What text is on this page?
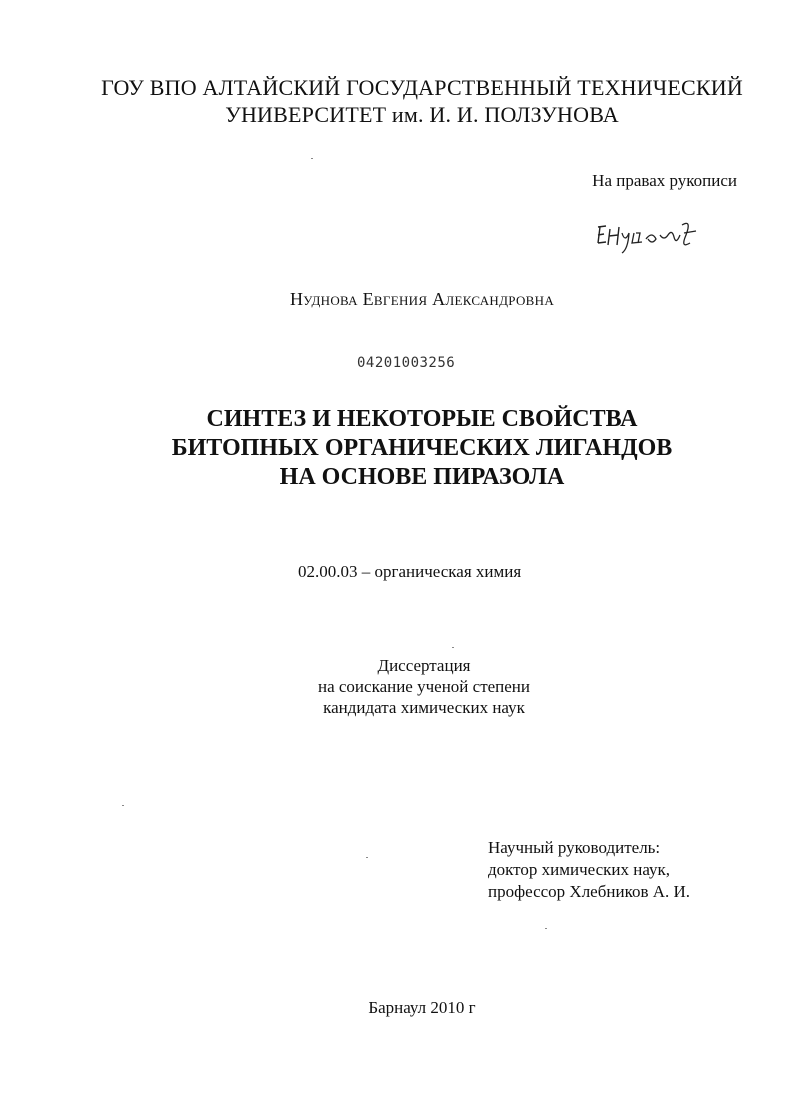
ГОУ ВПО АЛТАЙСКИЙ ГОСУДАРСТВЕННЫЙ ТЕХНИЧЕСКИЙ
УНИВЕРСИТЕТ им. И. И. ПОЛЗУНОВА
На правах рукописи
Нуднова Евгения Александровна
04201003256
СИНТЕЗ И НЕКОТОРЫЕ СВОЙСТВА
БИТОПНЫХ ОРГАНИЧЕСКИХ ЛИГАНДОВ
НА ОСНОВЕ ПИРАЗОЛА
02.00.03 – органическая химия
Диссертация
на соискание ученой степени
кандидата химических наук
Научный руководитель:
доктор химических наук,
профессор Хлебников А. И.
Барнаул 2010 г
